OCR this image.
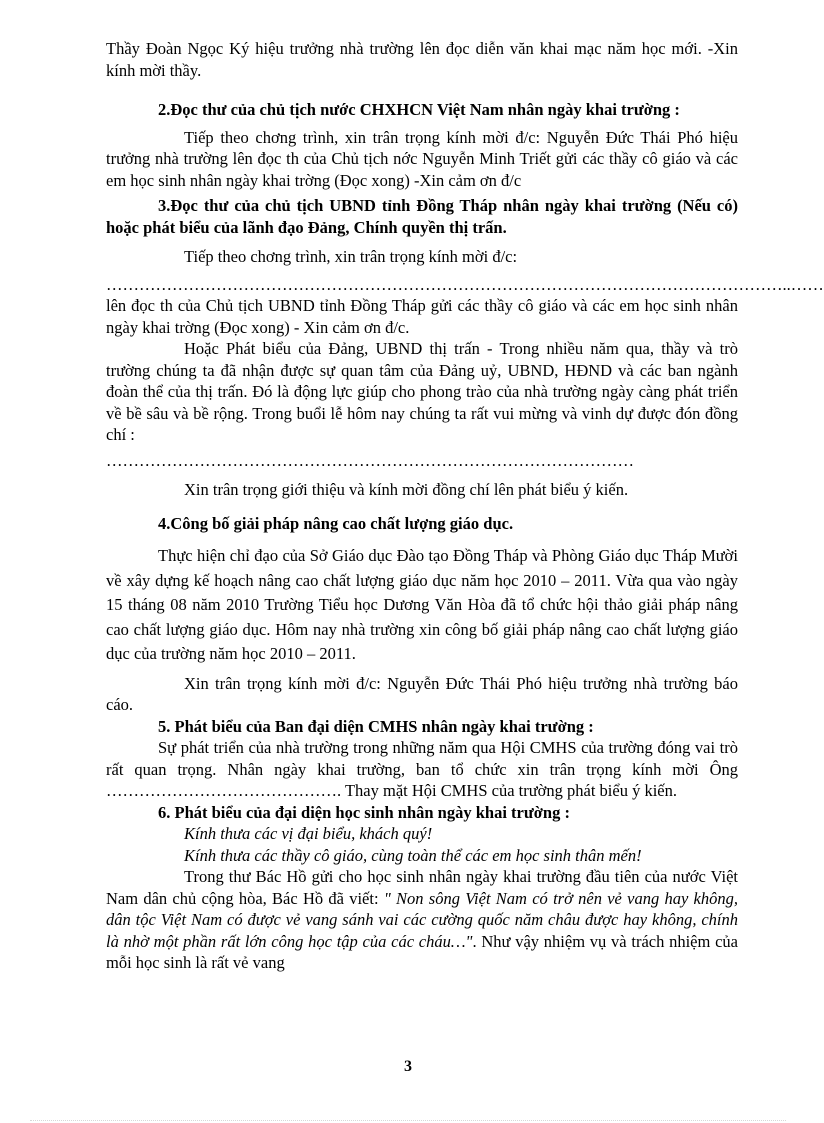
Thầy Đoàn Ngọc Ký hiệu trưởng nhà trường lên đọc diễn văn khai mạc năm học mới. -Xin kính mời thầy.

2.Đọc thư của chủ tịch nước CHXHCN Việt Nam nhân ngày khai trường :

Tiếp theo chơng trình, xin trân trọng kính mời đ/c: Nguyễn Đức Thái Phó hiệu trưởng nhà trường lên đọc th của Chủ tịch nớc Nguyễn Minh Triết gửi các thầy cô giáo và các em học sinh nhân ngày khai trờng (Đọc xong) -Xin cảm ơn đ/c

3.Đọc thư của chủ tịch UBND tỉnh Đồng Tháp nhân ngày khai trường (Nếu có) hoặc phát biểu của lãnh đạo Đảng, Chính quyền thị trấn.

Tiếp theo chơng trình, xin trân trọng kính mời đ/c:

……………………………………………………………………………………………………………..……

lên đọc th của Chủ tịch UBND tỉnh Đồng Tháp gửi các thầy cô giáo và các em học sinh nhân ngày khai trờng (Đọc xong) - Xin cảm ơn đ/c.

Hoặc Phát biểu của Đảng, UBND thị trấn - Trong nhiều năm qua, thầy và trò trường chúng ta đã nhận được sự quan tâm của Đảng uỷ, UBND, HĐND và các ban ngành đoàn thể của thị trấn. Đó là động lực giúp cho phong trào của nhà trường ngày càng phát triển về bề sâu và bề rộng. Trong buổi lễ hôm nay chúng ta rất vui mừng và vinh dự được đón đồng chí :

……………………………………………………………………………………

Xin trân trọng giới thiệu và kính mời đồng chí lên phát biểu ý kiến.

4.Công bố giải pháp nâng cao chất lượng giáo dục.

Thực hiện chỉ đạo của Sở Giáo dục Đào tạo Đồng Tháp và Phòng Giáo dục Tháp Mười về xây dựng kế hoạch nâng cao chất lượng giáo dục năm học 2010 – 2011. Vừa qua vào ngày 15 tháng 08 năm 2010 Trường Tiểu học Dương Văn Hòa đã tổ chức hội thảo giải pháp nâng cao chất lượng giáo dục. Hôm nay nhà trường xin công bố giải pháp nâng cao chất lượng giáo dục của trường năm học 2010 – 2011.

Xin trân trọng kính mời đ/c: Nguyễn Đức Thái Phó hiệu trưởng nhà trường báo cáo.

5. Phát biểu của Ban đại diện CMHS nhân ngày khai trường :

Sự phát triển của nhà trường trong những năm qua Hội CMHS của trường đóng vai trò rất quan trọng. Nhân ngày khai trường, ban tổ chức xin trân trọng kính mời Ông ……………………………………. Thay mặt Hội CMHS của trường phát biểu ý kiến.

6. Phát biểu của đại diện học sinh nhân ngày khai trường :

Kính thưa các vị đại biểu, khách quý!

Kính thưa các thầy cô giáo, cùng toàn thể các em học sinh thân mến!

Trong thư Bác Hồ gửi cho học sinh nhân ngày khai trường đầu tiên của nước Việt Nam dân chủ cộng hòa, Bác Hồ đã viết: " Non sông Việt Nam có trở nên vẻ vang hay không, dân tộc Việt Nam có được vẻ vang sánh vai các cường quốc năm châu được hay không, chính là nhờ một phần rất lớn công học tập của các cháu…". Như vậy nhiệm vụ và trách nhiệm của mỗi học sinh là rất vẻ vang

3
